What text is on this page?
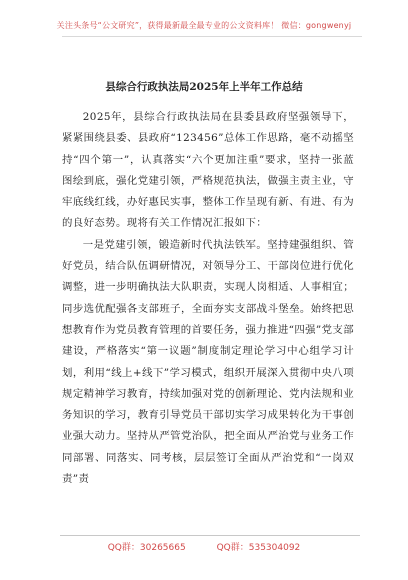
关注头条号“公文研究”，获得最新最全最专业的公文资料库！ 微信：gongwenyj
县综合行政执法局2025年上半年工作总结

2025年，县综合行政执法局在县委县政府坚强领导下，紧紧围绕县委、县政府“123456”总体工作思路，毫不动摇坚持“四个第一”，认真落实“六个更加注重”要求，坚持一张蓝图绘到底，强化党建引领，严格规范执法，做强主责主业，守牢底线红线，办好惠民实事，整体工作呈现有新、有进、有为的良好态势。现将有关工作情况汇报如下：

一是党建引领，锻造新时代执法铁军。坚持建强组织、管好党员，结合队伍调研情况，对领导分工、干部岗位进行优化调整，进一步明确执法大队职责，实现人岗相适、人事相宜；同步选优配强各支部班子，全面夯实支部战斗堡垒。始终把思想教育作为党员教育管理的首要任务，强力推进“四强”党支部建设，严格落实“第一议题”制度制定理论学习中心组学习计划，利用“线上+线下”学习模式，组织开展深入贯彻中央八项规定精神学习教育，持续加强对党的创新理论、党内法规和业务知识的学习，教育引导党员干部切实学习成果转化为干事创业强大动力。坚持从严管党治队，把全面从严治党与业务工作同部署、同落实、同考核，层层签订全面从严治党和“一岗双责”责

QQ群：30265665	QQ群：535304092
